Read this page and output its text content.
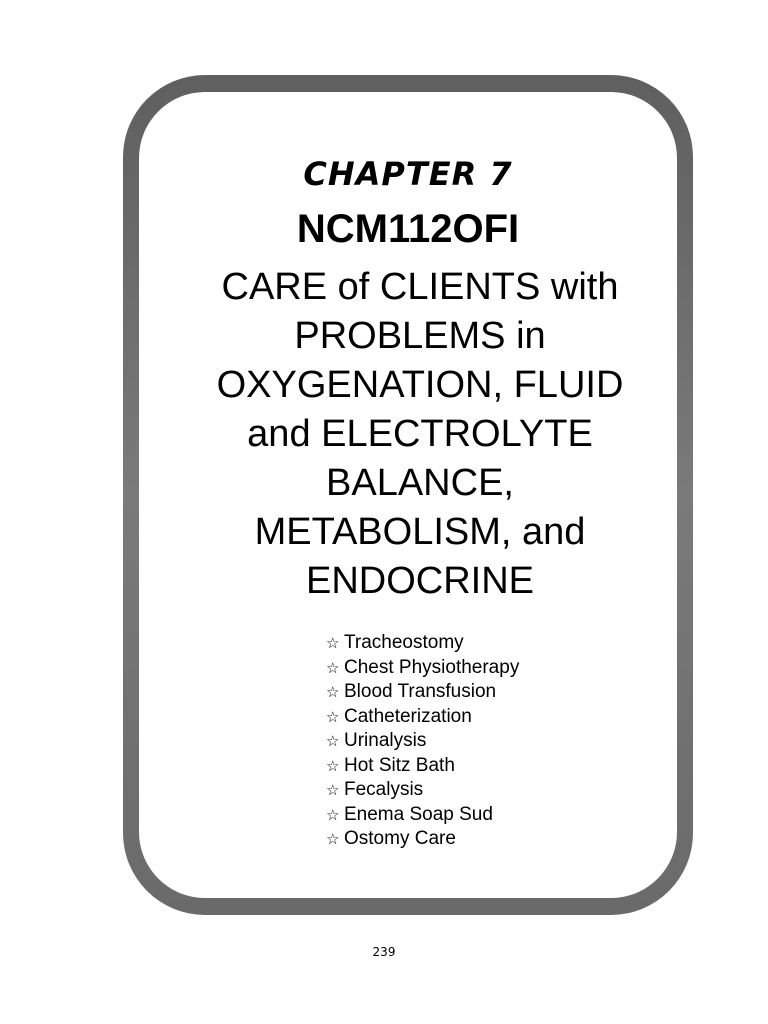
CHAPTER 7
NCM112OFI
CARE of CLIENTS with
PROBLEMS in
OXYGENATION, FLUID
and ELECTROLYTE
BALANCE,
METABOLISM, and
ENDOCRINE
☆ Tracheostomy
☆ Chest Physiotherapy
☆ Blood Transfusion
☆ Catheterization
☆ Urinalysis
☆ Hot Sitz Bath
☆ Fecalysis
☆ Enema Soap Sud
☆ Ostomy Care

239
